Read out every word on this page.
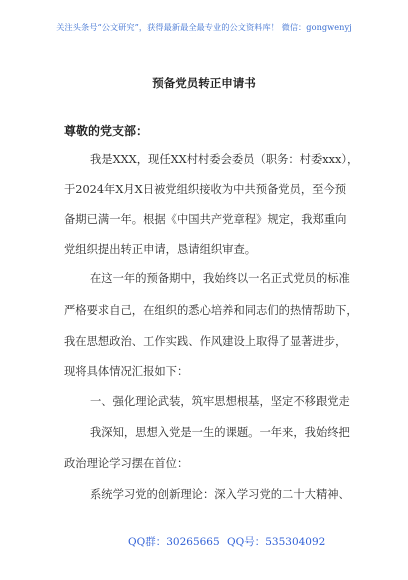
关注头条号“公文研究”，获得最新最全最专业的公文资料库！ 微信：gongwenyj
预备党员转正申请书
尊敬的党支部：
我是XXX，现任XX村村委会委员（职务：村委xxx），
于2024年X月X日被党组织接收为中共预备党员，至今预
备期已满一年。根据《中国共产党章程》规定，我郑重向
党组织提出转正申请，恳请组织审查。
在这一年的预备期中，我始终以一名正式党员的标准
严格要求自己，在组织的悉心培养和同志们的热情帮助下，
我在思想政治、工作实践、作风建设上取得了显著进步，
现将具体情况汇报如下：
一、强化理论武装，筑牢思想根基，坚定不移跟党走
我深知，思想入党是一生的课题。一年来，我始终把
政治理论学习摆在首位：
系统学习党的创新理论：深入学习党的二十大精神、
QQ群：30265665 QQ号：535304092
